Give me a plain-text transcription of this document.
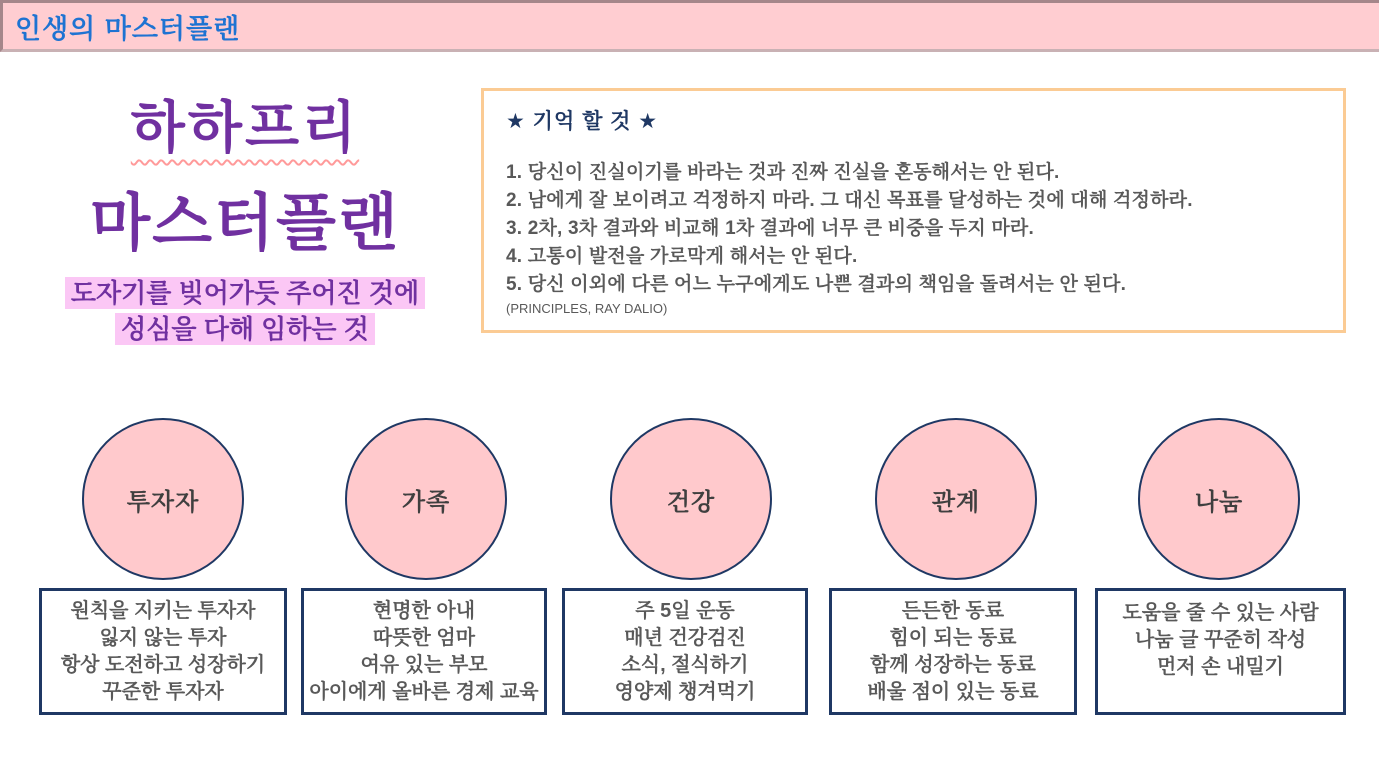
인생의 마스터플랜
하하프리
마스터플랜
도자기를 빚어가듯 주어진 것에
성심을 다해 임하는 것
★ 기억 할 것 ★
1. 당신이 진실이기를 바라는 것과 진짜 진실을 혼동해서는 안 된다.
2. 남에게 잘 보이려고 걱정하지 마라. 그 대신 목표를 달성하는 것에 대해 걱정하라.
3. 2차, 3차 결과와 비교해 1차 결과에 너무 큰 비중을 두지 마라.
4. 고통이 발전을 가로막게 해서는 안 된다.
5. 당신 이외에 다른 어느 누구에게도 나쁜 결과의 책임을 돌려서는 안 된다.
(PRINCIPLES, RAY DALIO)
투자자	가족	건강	관계	나눔
원칙을 지키는 투자자
잃지 않는 투자
항상 도전하고 성장하기
꾸준한 투자자
현명한 아내
따뜻한 엄마
여유 있는 부모
아이에게 올바른 경제 교육
주 5일 운동
매년 건강검진
소식, 절식하기
영양제 챙겨먹기
든든한 동료
힘이 되는 동료
함께 성장하는 동료
배울 점이 있는 동료
도움을 줄 수 있는 사람
나눔 글 꾸준히 작성
먼저 손 내밀기
